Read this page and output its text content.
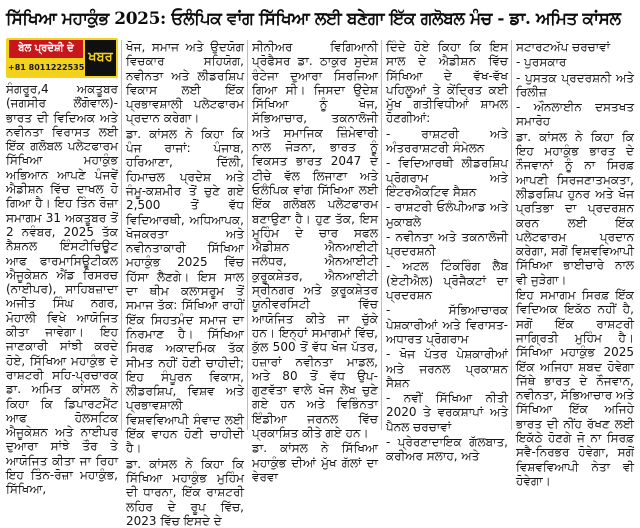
ਸਿੱਖਿਆ ਮਹਾਕੁੰਭ 2025: ਓਲੰਪਿਕ ਵਾਂਗ ਸਿੱਖਿਆ ਲਈ ਬਣੇਗਾ ਇੱਕ ਗਲੋਬਲ ਮੰਚ - ਡਾ. ਅਮਿਤ ਕਾਂਸਲ
ਬੇਲ ਪ੍ਰਦੇਸ਼ੀ ਦੇ
ਖਬਰ
+81 8011222535

ਸੰਗਰੂਰ,4 ਅਕਤੂਬਰ (ਜਗਸੀਰ ਲੌਂਗੋਵਾਲ)- ਭਾਰਤ ਦੀ ਵਿਦਿਅਕ ਅਤੇ ਨਵੀਨਤਾ ਵਿਰਾਸਤ ਲਈ ਇੱਕ ਗਲੋਬਲ ਪਲੇਟਫਾਰਮ ਸਿੱਖਿਆ ਮਹਾਕੁੰਭ ਅਭਿਆਨ ਆਪਣੇ ਪੰਜਵੇਂ ਐਡੀਸ਼ਨ ਵਿੱਚ ਦਾਖਲ ਹੋ ਗਿਆ ਹੈ। ਇਹ ਤਿੰਨ ਰੋਜ਼ਾ ਸਮਾਗਮ 31 ਅਕਤੂਬਰ ਤੋਂ 2 ਨਵੰਬਰ, 2025 ਤੱਕ ਨੈਸ਼ਨਲ ਇੰਸਟੀਚਿਊਟ ਆਫ ਫਾਰਮਾਸਿਊਟੀਕਲ ਐਜੂਕੇਸ਼ਨ ਐਂਡ ਰਿਸਰਚ (ਨਾਈਪਰ), ਸਾਹਿਬਜ਼ਾਦਾ ਅਜੀਤ ਸਿੰਘ ਨਗਰ, ਮੋਹਾਲੀ ਵਿਖੇ ਆਯੋਜਿਤ ਕੀਤਾ ਜਾਵੇਗਾ। ਇਹ ਜਾਣਕਾਰੀ ਸਾਂਝੀ ਕਰਦੇ ਹੋਏ, ਸਿੱਖਿਆ ਮਹਾਕੁੰਭ ਦੇ ਰਾਸ਼ਟਰੀ ਸਹਿ-ਪ੍ਰਚਾਰਕ ਡਾ. ਅਮਿਤ ਕਾਂਸਲ ਨੇ ਕਿਹਾ ਕਿ ਡਿਪਾਰਟਮੈਂਟ ਆਫ ਹੋਲਸਟਿਕ ਐਜੂਕੇਸ਼ਨ ਅਤੇ ਨਾਈਪਰ ਦੁਆਰਾ ਸਾਂਝੇ ਤੌਰ ਤੇ ਆਯੋਜਿਤ ਕੀਤਾ ਜਾ ਰਿਹਾ ਇਹ ਤਿੰਨ-ਰੋਜ਼ਾ ਮਹਾਕੁੰਭ, ਸਿੱਖਿਆ,

ਖੋਜ, ਸਮਾਜ ਅਤੇ ਉਦਯੋਗ ਵਿਚਕਾਰ ਸਹਿਯੋਗ, ਨਵੀਨਤਾ ਅਤੇ ਲੀਡਰਸ਼ਿਪ ਵਿਕਾਸ ਲਈ ਇੱਕ ਪ੍ਰਭਾਵਸ਼ਾਲੀ ਪਲੇਟਫਾਰਮ ਪ੍ਰਦਾਨ ਕਰੇਗਾ।

ਡਾ. ਕਾਂਸਲ ਨੇ ਕਿਹਾ ਕਿ ਪੰਜ ਰਾਜਾਂ: ਪੰਜਾਬ, ਹਰਿਆਣਾ, ਦਿੱਲੀ, ਹਿਮਾਚਲ ਪ੍ਰਦੇਸ਼ ਅਤੇ ਜੰਮੂ-ਕਸ਼ਮੀਰ ਤੋਂ ਚੁਣੇ ਗਏ 2,500 ਤੋਂ ਵੱਧ ਵਿਦਿਆਰਥੀ, ਅਧਿਆਪਕ, ਖੋਜਕਰਤਾ ਅਤੇ ਨਵੀਨਤਾਕਾਰੀ ਸਿੱਖਿਆ ਮਹਾਕੁੰਭ 2025 ਵਿੱਚ ਹਿੱਸਾ ਲੈਣਗੇ। ਇਸ ਸਾਲ ਦਾ ਥੀਮ ਕਲਾਸਰੂਮ ਤੋਂ ਸਮਾਜ ਤੱਕ: ਸਿੱਖਿਆ ਰਾਹੀਂ ਇੱਕ ਸਿਹਤਮੰਦ ਸਮਾਜ ਦਾ ਨਿਰਮਾਣ ਹੈ। ਸਿੱਖਿਆ ਸਿਰਫ਼ ਅਕਾਦਮਿਕ ਤੱਕ ਸੀਮਤ ਨਹੀਂ ਹੋਣੀ ਚਾਹੀਦੀ; ਇਹ ਸੰਪੂਰਨ ਵਿਕਾਸ, ਲੀਡਰਸ਼ਿਪ, ਵਿਸ਼ਵ ਅਤੇ ਪ੍ਰਭਾਵਸ਼ਾਲੀ ਵਿਸ਼ਵਵਿਆਪੀ ਸੰਵਾਦ ਲਈ ਇੱਕ ਵਾਹਨ ਹੋਣੀ ਚਾਹੀਦੀ ਹੈ।

ਡਾ. ਕਾਂਸਲ ਨੇ ਕਿਹਾ ਕਿ ਸਿੱਖਿਆ ਮਹਾਕੁੰਭ ਮੁਹਿੰਮ ਦੀ ਧਾਰਨਾ, ਇੱਕ ਰਾਸ਼ਟਰੀ ਲਹਿਰ ਦੇ ਰੂਪ ਵਿੱਚ, 2023 ਵਿੱਚ ਇਸਦੇ ਦੇ

ਸੀਨੀਅਰ ਵਿਗਿਆਨੀ ਪ੍ਰੋਫੈਸਰ ਡਾ. ਠਾਕੁਰ ਸੁਦੇਸ਼ ਰੰਟੇਜਾ ਦੁਆਰਾ ਸਿਰਜਿਆ ਗਿਆ ਸੀ। ਜਿਸਦਾ ਉਦੇਸ਼ ਸਿੱਖਿਆ ਨੂੰ ਖੋਜ, ਸੱਭਿਆਚਾਰ, ਤਕਨਾਲੋਜੀ ਅਤੇ ਸਮਾਜਿਕ ਜ਼ਿੰਮੇਵਾਰੀ ਨਾਲ ਜੋੜਨਾ, ਭਾਰਤ ਨੂੰ ਵਿਕਸਤ ਭਾਰਤ 2047 ਦੇ ਟੀਚੇ ਵੱਲ ਲਿਜਾਣਾ ਅਤੇ ਓਲੰਪਿਕ ਵਾਂਗ ਸਿੱਖਿਆ ਲਈ ਇੱਕ ਗਲੋਬਲ ਪਲੇਟਫਾਰਮ ਬਣਾਉਣਾ ਹੈ। ਹੁਣ ਤੱਕ, ਇਸ ਮੁਹਿੰਮ ਦੇ ਚਾਰ ਸਫਲ ਐਡੀਸ਼ਨ ਐਨਆਈਟੀ ਜਲੰਧਰ, ਐਨਆਈਟੀ ਕੁਰੂਕਸ਼ੇਤਰ, ਐਨਆਈਟੀ ਸ੍ਰੀਨਗਰ ਅਤੇ ਕੁਰੂਕਸ਼ੇਤਰ ਯੂਨੀਵਰਸਿਟੀ ਵਿੱਚ ਆਯੋਜਿਤ ਕੀਤੇ ਜਾ ਚੁੱਕੇ ਹਨ। ਇਨ੍ਹਾਂ ਸਮਾਗਮਾਂ ਵਿੱਚ, ਕੁੱਲ 500 ਤੋਂ ਵੱਧ ਖੋਜ ਪੱਤਰ, ਹਜ਼ਾਰਾਂ ਨਵੀਨਤਾ ਮਾਡਲ, ਅਤੇ 80 ਤੋਂ ਵੱਧ ਉਪ-ਗੁਣਵੱਤਾ ਵਾਲੇ ਖੋਜ ਲੇਖ ਚੁਣੇ ਗਏ ਹਨ ਅਤੇ ਵਿਭਿੰਨਤਾ ਇੰਡੀਆ ਜਰਨਲ ਵਿੱਚ ਪ੍ਰਕਾਸ਼ਿਤ ਕੀਤੇ ਗਏ ਹਨ।

ਡਾ. ਕਾਂਸਲ ਨੇ ਸਿੱਖਿਆ ਮਹਾਕੁੰਭ ਦੀਆਂ ਮੁੱਖ ਗੱਲਾਂ ਦਾ ਵੇਰਵਾ

ਦਿੰਦੇ ਹੋਏ ਕਿਹਾ ਕਿ ਇਸ ਸਾਲ ਦੇ ਐਡੀਸ਼ਨ ਵਿੱਚ ਸਿੱਖਿਆ ਦੇ ਵੱਖ-ਵੱਖ ਪਹਿਲੂਆਂ ਤੇ ਕੇਂਦ੍ਰਿਤ ਕਈ ਮੁੱਖ ਗਤੀਵਿਧੀਆਂ ਸ਼ਾਮਲ ਹੋਣਗੀਆਂ:

- ਰਾਸ਼ਟਰੀ ਅਤੇ ਅੰਤਰਰਾਸ਼ਟਰੀ ਸੰਮੇਲਨ

- ਵਿਦਿਆਰਥੀ ਲੀਡਰਸ਼ਿਪ ਪ੍ਰੋਗਰਾਮ ਅਤੇ ਇੰਟਰਐਕਟਿਵ ਸੈਸ਼ਨ

- ਰਾਸ਼ਟਰੀ ਓਲੰਪੀਆਡ ਅਤੇ ਮੁਕਾਬਲੇ

- ਨਵੀਨਤਾ ਅਤੇ ਤਕਨਾਲੋਜੀ ਪ੍ਰਦਰਸ਼ਨੀ

- ਅਟਲ ਟਿੰਕਰਿੰਗ ਲੈਬ (ਏਟੀਐਲ) ਪ੍ਰੋਜੈਕਟਾਂ ਦਾ ਪ੍ਰਦਰਸ਼ਨ

- ਸੱਭਿਆਚਾਰਕ ਪੇਸ਼ਕਾਰੀਆਂ ਅਤੇ ਵਿਰਾਸਤ-ਅਧਾਰਤ ਪ੍ਰੋਗਰਾਮ

- ਖੋਜ ਪੱਤਰ ਪੇਸ਼ਕਾਰੀਆਂ ਅਤੇ ਜਰਨਲ ਪ੍ਰਕਾਸ਼ਨ ਸੈਸ਼ਨ

- ਨਵੀਂ ਸਿੱਖਿਆ ਨੀਤੀ 2020 ਤੇ ਵਰਕਸ਼ਾਪਾਂ ਅਤੇ ਪੈਨਲ ਚਰਚਾਵਾਂ

- ਪ੍ਰੇਰਣਾਦਾਇਕ ਗੱਲਬਾਤ, ਕਰੀਅਰ ਸਲਾਹ, ਅਤੇ

ਸਟਾਰਟਅੱਪ ਚਰਚਾਵਾਂ

- ਪੁਰਸਕਾਰ

- ਪੁਸਤਕ ਪ੍ਰਦਰਸ਼ਨੀ ਅਤੇ ਰਿਲੀਜ਼

- ਔਨਲਾਈਨ ਦਸਤਖਤ ਸਮਾਰੋਹ

ਡਾ. ਕਾਂਸਲ ਨੇ ਕਿਹਾ ਕਿ ਇਹ ਮਹਾਕੁੰਭ ਭਾਰਤ ਦੇ ਨੌਜਵਾਨਾਂ ਨੂੰ ਨਾ ਸਿਰਫ਼ ਆਪਣੀ ਸਿਰਜਣਾਤਮਕਤਾ, ਲੀਡਰਸ਼ਿਪ ਹੁਨਰ ਅਤੇ ਖੋਜ ਪ੍ਰਤਿਭਾ ਦਾ ਪ੍ਰਦਰਸ਼ਨ ਕਰਨ ਲਈ ਇੱਕ ਪਲੇਟਫਾਰਮ ਪ੍ਰਦਾਨ ਕਰੇਗਾ, ਸਗੋਂ ਵਿਸ਼ਵਵਿਆਪੀ ਸਿੱਖਿਆ ਭਾਈਚਾਰੇ ਨਾਲ ਵੀ ਜੁੜੇਗਾ।

ਇਹ ਸਮਾਗਮ ਸਿਰਫ਼ ਇੱਕ ਵਿਦਿਅਕ ਇਕੱਠ ਨਹੀਂ ਹੈ, ਸਗੋਂ ਇੱਕ ਰਾਸ਼ਟਰੀ ਜਾਗ੍ਰਿਤੀ ਮੁਹਿੰਮ ਹੈ। ਸਿੱਖਿਆ ਮਹਾਕੁੰਭ 2025 ਇੱਕ ਅਜਿਹਾ ਸ਼ਬਦ ਹੋਵੇਗਾ ਜਿੱਥੇ ਭਾਰਤ ਦੇ ਨੌਜਵਾਨ, ਨਵੀਨਤਾ, ਸੱਭਿਆਚਾਰ ਅਤੇ ਸਿੱਖਿਆ ਇੱਕ ਅਜਿਹੇ ਭਾਰਤ ਦੀ ਨੀਂਹ ਰੱਖਣ ਲਈ ਇਕੱਠੇ ਹੋਣਗੇ ਜੋ ਨਾ ਸਿਰਫ਼ ਸਵੈ-ਨਿਰਭਰ ਹੋਵੇਗਾ, ਸਗੋਂ ਵਿਸ਼ਵਵਿਆਪੀ ਨੇਤਾ ਵੀ ਹੋਵੇਗਾ।
